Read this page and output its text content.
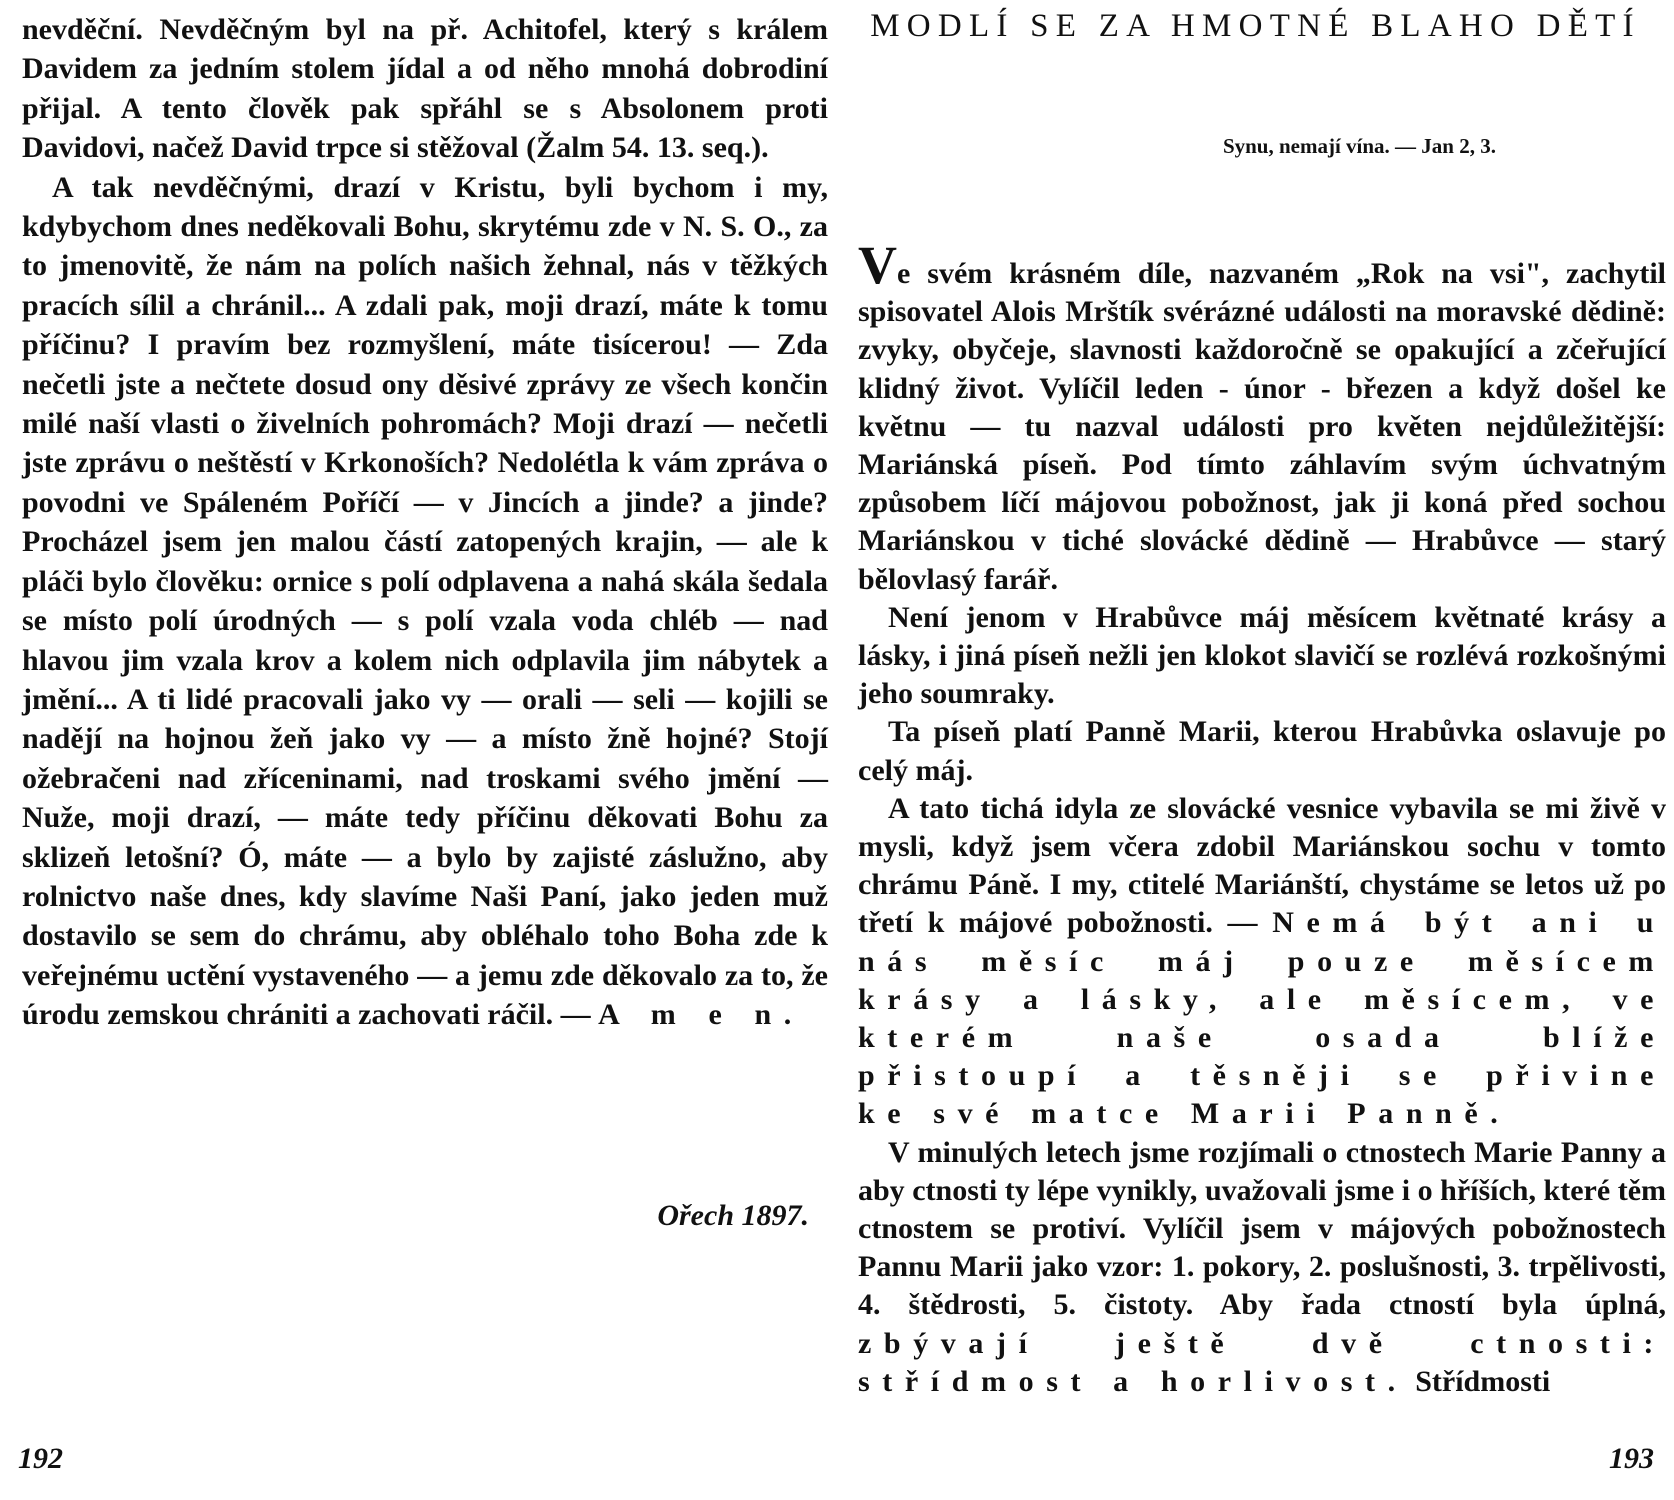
nevděční. Nevděčným byl na př. Achitofel, který s králem Davidem za jedním stolem jídal a od něho mnohá dobrodiní přijal. A tento člověk pak spřáhl se s Absolonem proti Davidovi, načež David trpce si stěžoval (Žalm 54. 13. seq.).

A tak nevděčnými, drazí v Kristu, byli bychom i my, kdybychom dnes neděkovali Bohu, skrytému zde v N. S. O., za to jmenovitě, že nám na polích našich žehnal, nás v těžkých pracích sílil a chránil... A zdali pak, moji drazí, máte k tomu příčinu? I pravím bez rozmyšlení, máte tisícerou! — Zda nečetli jste a nečtete dosud ony děsivé zprávy ze všech končin milé naší vlasti o živelních pohromách? Moji drazí — nečetli jste zprávu o neštěstí v Krkonoších? Nedolétla k vám zpráva o povodni ve Spáleném Poříčí — v Jincích a jinde? a jinde? Procházel jsem jen malou částí zatopených krajin, — ale k pláči bylo člověku: ornice s polí odplavena a nahá skála šedala se místo polí úrodných — s polí vzala voda chléb — nad hlavou jim vzala krov a kolem nich odplavila jim nábytek a jmění... A ti lidé pracovali jako vy — orali — seli — kojili se nadějí na hojnou žeň jako vy — a místo žně hojné? Stojí ožebračeni nad zříceninami, nad troskami svého jmění — Nuže, moji drazí, — máte tedy příčinu děkovati Bohu za sklizeň letošní? Ó, máte — a bylo by zajisté záslužno, aby rolnictvo naše dnes, kdy slavíme Naši Paní, jako jeden muž dostavilo se sem do chrámu, aby obléhalo toho Boha zde k veřejnému uctění vystaveného — a jemu zde děkovalo za to, že úrodu zemskou chrániti a zachovati ráčil. — A m e n.

Ořech 1897.
192
MODLÍ SE ZA HMOTNÉ BLAHO DĚTÍ
Synu, nemají vína. — Jan 2, 3.

Ve svém krásném díle, nazvaném „Rok na vsi", zachytil spisovatel Alois Mrštík svérázné události na moravské dědině: zvyky, obyčeje, slavnosti každoročně se opakující a zčeřující klidný život. Vylíčil leden - únor - březen a když došel ke květnu — tu nazval události pro květen nejdůležitější: Mariánská píseň. Pod tímto záhlavím svým úchvatným způsobem líčí májovou pobožnost, jak ji koná před sochou Mariánskou v tiché slovácké dědině — Hrabůvce — starý bělovlasý farář.

Není jenom v Hrabůvce máj měsícem květnaté krásy a lásky, i jiná píseň nežli jen klokot slavičí se rozlévá rozkošnými jeho soumraky.

Ta píseň platí Panně Marii, kterou Hrabůvka oslavuje po celý máj.

A tato tichá idyla ze slovácké vesnice vybavila se mi živě v mysli, když jsem včera zdobil Mariánskou sochu v tomto chrámu Páně. I my, ctitelé Mariánští, chystáme se letos už po třetí k májové pobožnosti. — Nemá být ani u nás měsíc máj pouze měsícem krásy a lásky, ale měsícem, ve kterém naše osada blíže přistoupí a těsněji se přivine ke své matce Marii Panně.

V minulých letech jsme rozjímali o ctnostech Marie Panny a aby ctnosti ty lépe vynikly, uvažovali jsme i o hříších, které těm ctnostem se protiví. Vylíčil jsem v májových pobožnostech Pannu Marii jako vzor: 1. pokory, 2. poslušnosti, 3. trpělivosti, 4. štědrosti, 5. čistoty. Aby řada ctností byla úplná, zbývají ještě dvě ctnosti: střídmost a horlivost. Střídmosti

193
